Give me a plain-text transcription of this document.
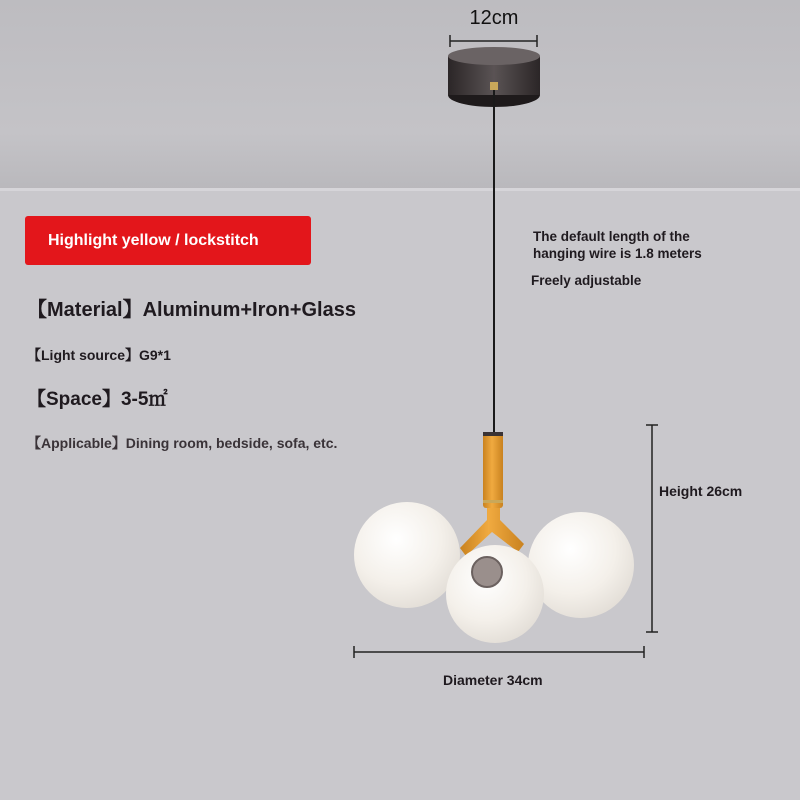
Highlight yellow / lockstitch
【Material】Aluminum+Iron+Glass
【Light source】G9*1
【Space】3-5㎡
【Applicable】Dining room, bedside, sofa, etc.
The default length of the
hanging wire is 1.8 meters
Freely adjustable
12cm
Height 26cm
Diameter 34cm
